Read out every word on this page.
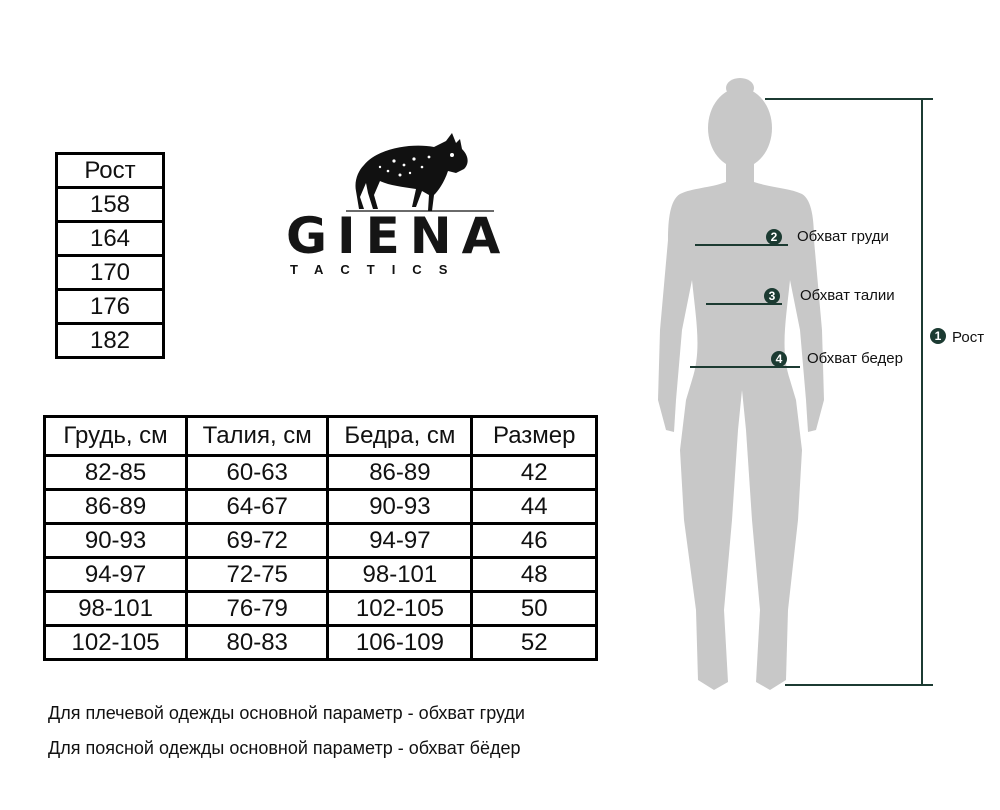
Рост
158
164
170
176
182
GIENA
TACTICS
Грудь, см	Талия, см	Бедра, см	Размер
82-85	60-63	86-89	42
86-89	64-67	90-93	44
90-93	69-72	94-97	46
94-97	72-75	98-101	48
98-101	76-79	102-105	50
102-105	80-83	106-109	52
Для плечевой одежды основной параметр - обхват груди
Для поясной одежды основной параметр - обхват бёдер
2	Обхват груди
3	Обхват талии
4	Обхват бедер
1 Рост
